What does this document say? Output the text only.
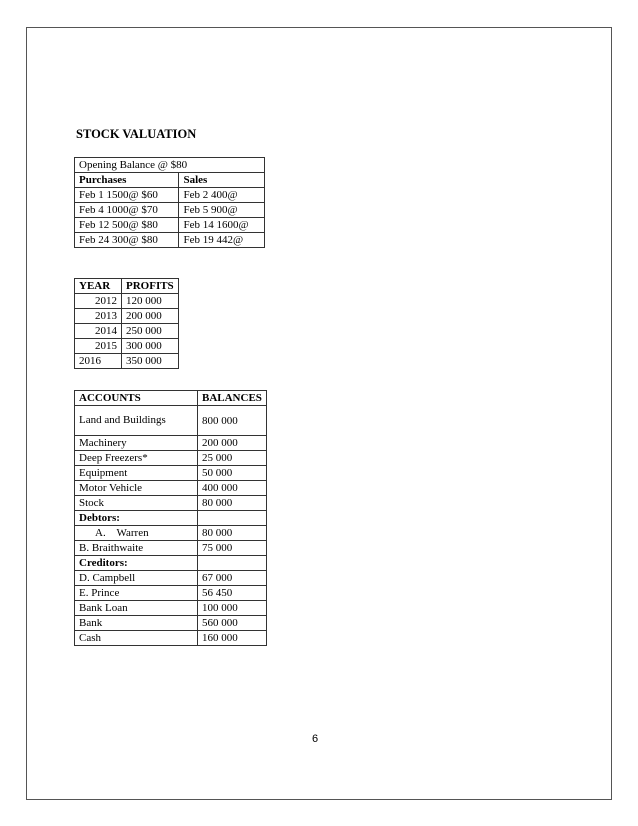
STOCK VALUATION
Opening Balance @ $80	
Purchases	Sales
Feb 1 1500@ $60	Feb 2 400@
Feb 4 1000@ $70	Feb 5 900@
Feb 12 500@ $80	Feb 14 1600@
Feb 24 300@ $80	Feb 19 442@
YEAR	PROFITS
2012	120 000
2013	200 000
2014	250 000
2015	300 000
2016	350 000
ACCOUNTS	BALANCES
Land and Buildings	800 000
Machinery	200 000
Deep Freezers*	25 000
Equipment	50 000
Motor Vehicle	400 000
Stock	80 000
Debtors:	
A.    Warren	80 000
B. Braithwaite	75 000
Creditors:	
D. Campbell	67 000
E. Prince	56 450
Bank Loan	100 000
Bank	560 000
Cash	160 000
6
